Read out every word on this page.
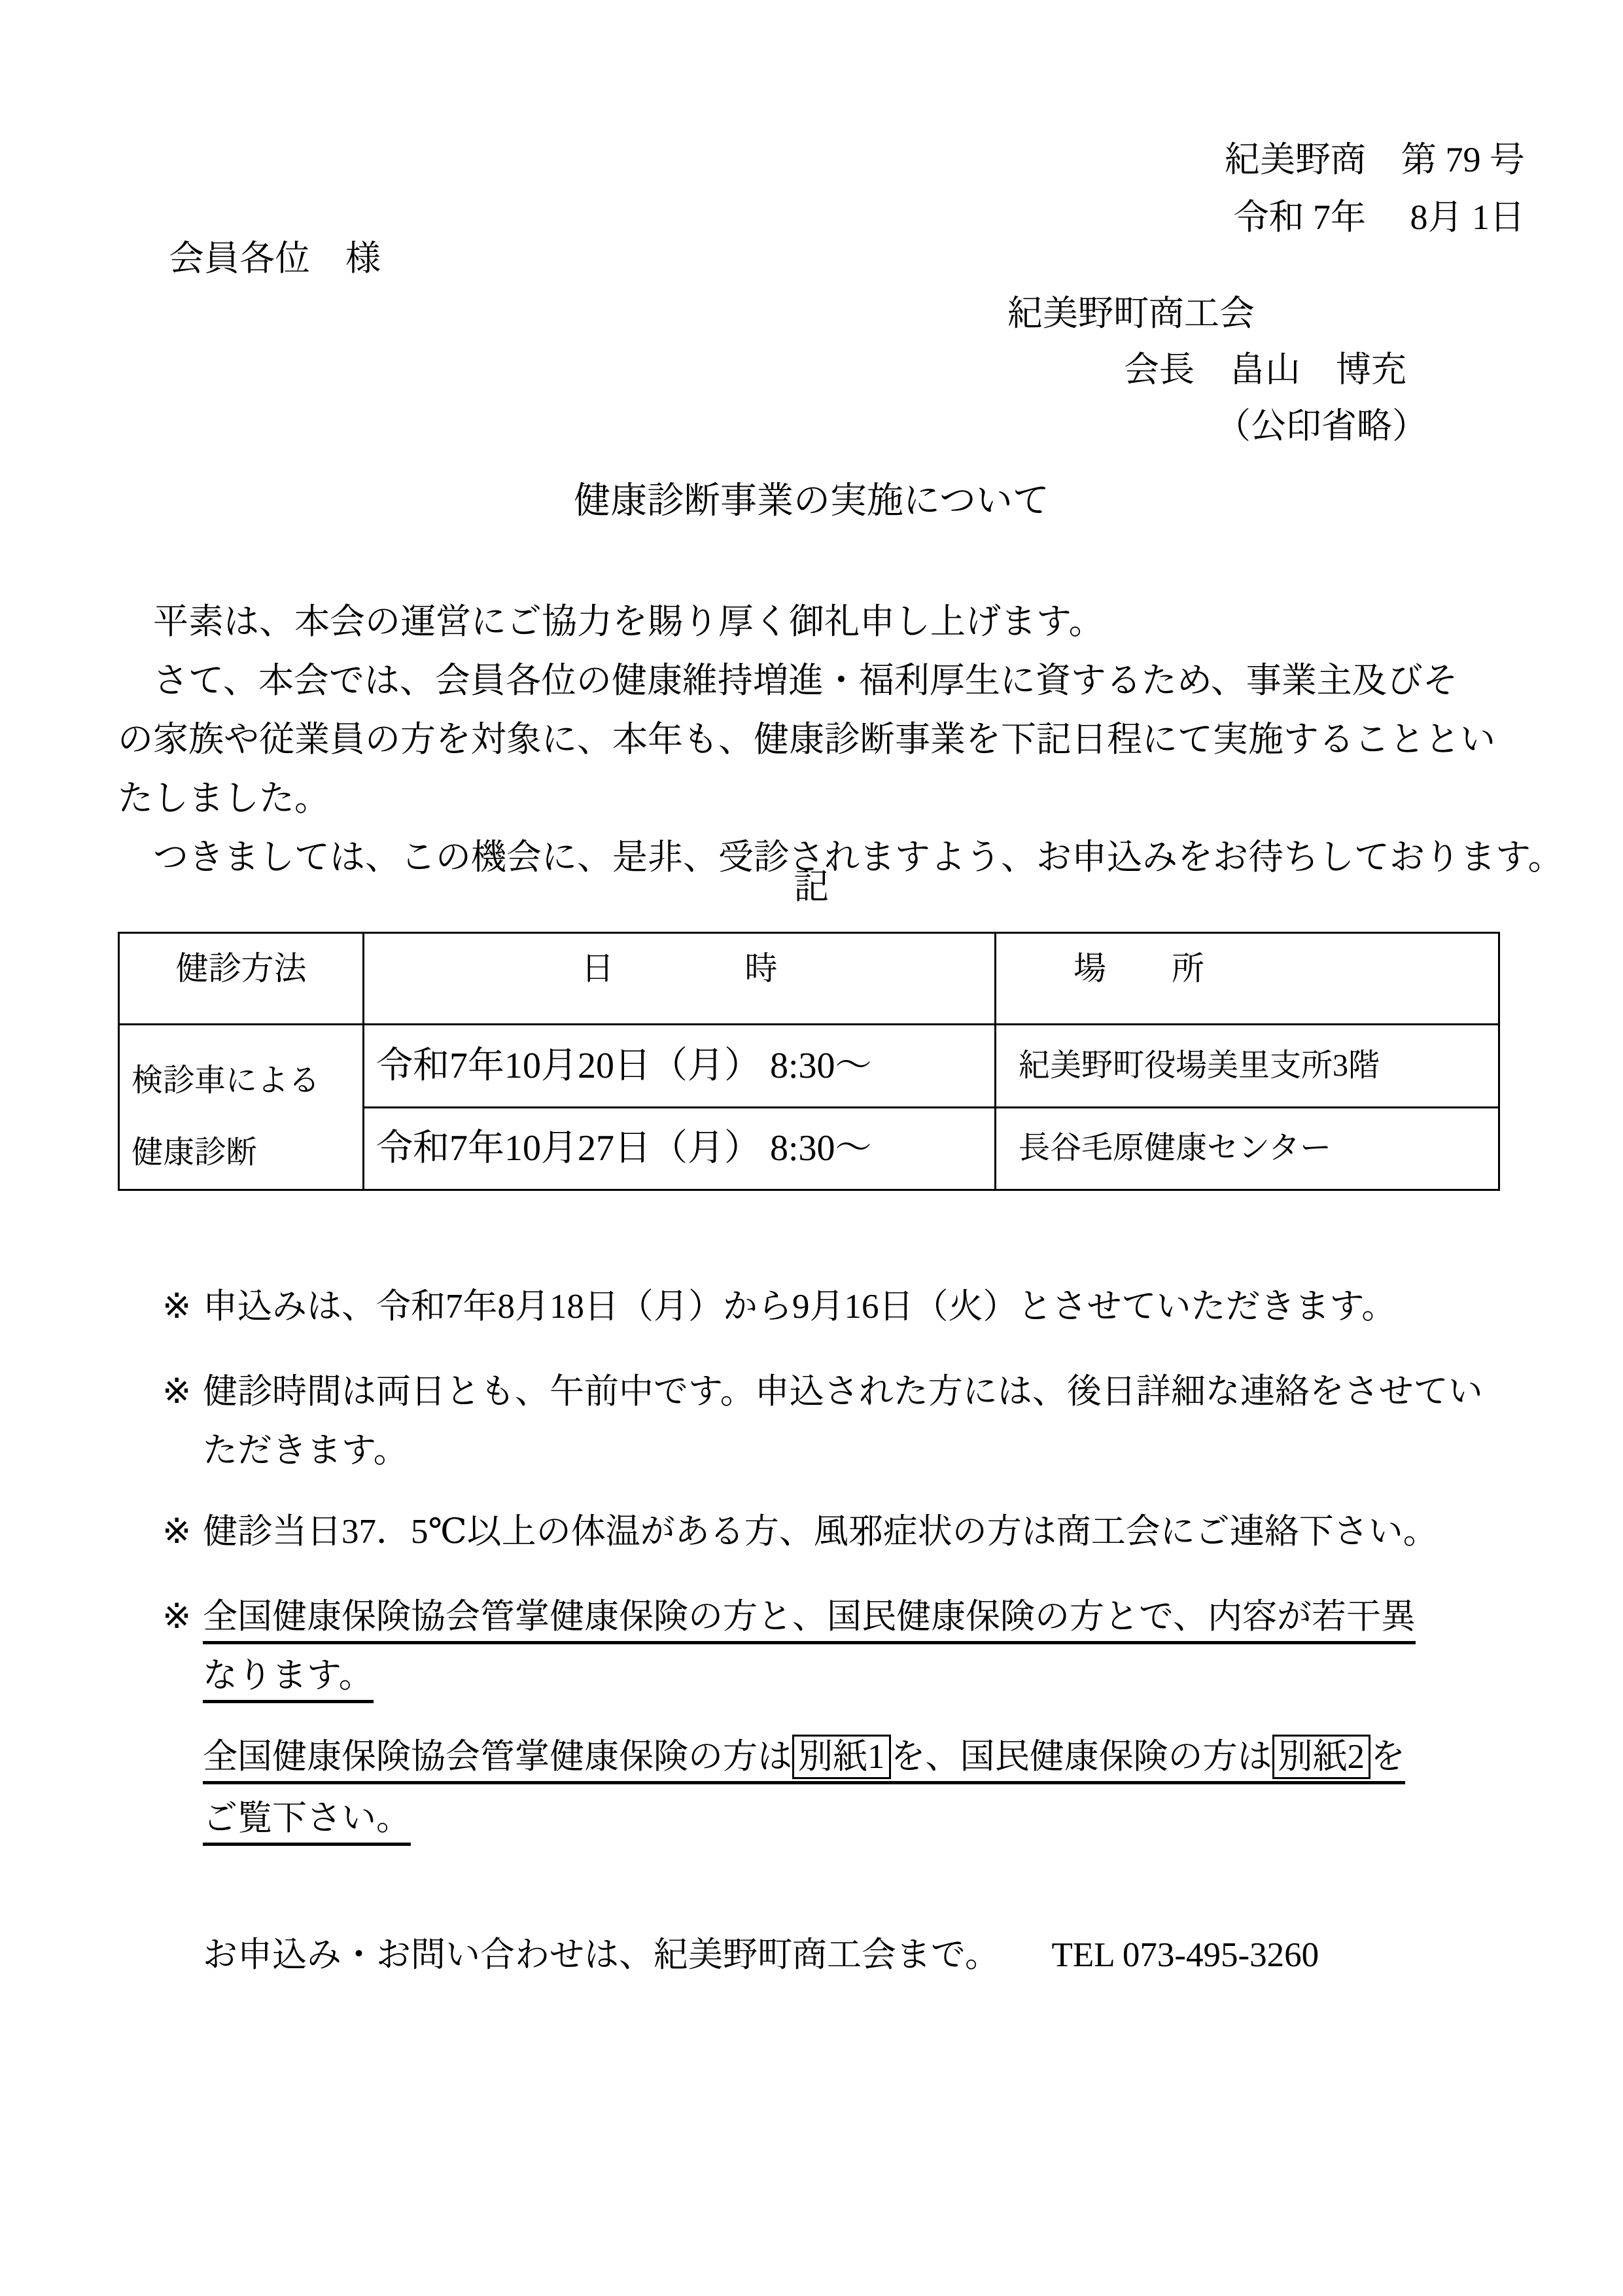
紀美野商　第 79 号
令和 7年　 8月 1日
会員各位　様
紀美野町商工会
会長　畠山　博充
（公印省略）
健康診断事業の実施について
　平素は、本会の運営にご協力を賜り厚く御礼申し上げます。
　さて、本会では、会員各位の健康維持増進・福利厚生に資するため、事業主及びそ
の家族や従業員の方を対象に、本年も、健康診断事業を下記日程にて実施することとい
たしました。
　つきましては、この機会に、是非、受診されますよう、お申込みをお待ちしております。
記
健診方法	日　　　　時	場　　所

検診車による
健康診断	令和7年10月20日（月） 8:30～	紀美野町役場美里支所3階
	令和7年10月27日（月） 8:30～	長谷毛原健康センター
※ 申込みは、令和7年8月18日（月）から9月16日（火）とさせていただきます。
※ 健診時間は両日とも、午前中です。申込された方には、後日詳細な連絡をさせてい
ただきます。
※ 健診当日37．5℃以上の体温がある方、風邪症状の方は商工会にご連絡下さい。
※ 全国健康保険協会管掌健康保険の方と、国民健康保険の方とで、内容が若干異
なります。
全国健康保険協会管掌健康保険の方は 別紙1 を、国民健康保険の方は 別紙2 を
ご覧下さい。
お申込み・お問い合わせは、紀美野町商工会まで。　　TEL 073-495-3260
